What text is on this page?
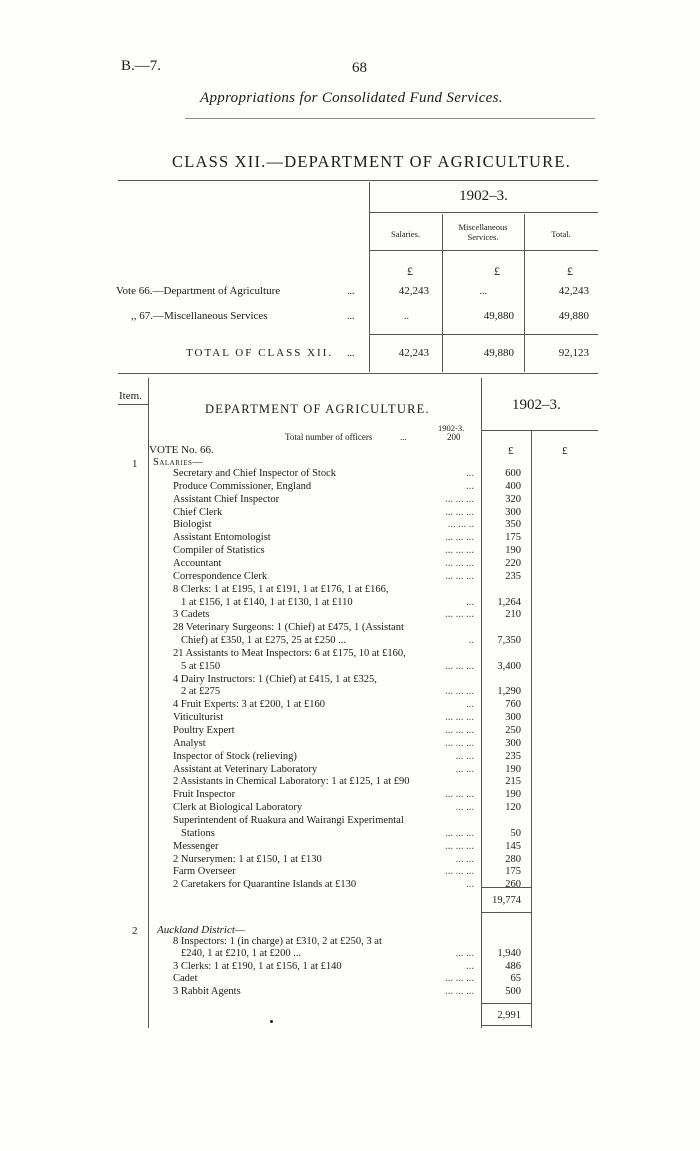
B.—7.	68
Appropriations for Consolidated Fund Services.
CLASS XII.—DEPARTMENT OF AGRICULTURE.
1902–3.
Salaries.
Miscellaneous Services.	Total.
£	£	£
Vote 66.—Department of Agriculture	...	42,243	...	42,243
,, 67.—Miscellaneous Services	...	..	49,880	49,880
TOTAL OF CLASS XII. ...	42,243	49,880	92,123
Item.
DEPARTMENT OF AGRICULTURE.	1902–3.
1902-3.
Total number of officers	...	200
VOTE No. 66.	£	£
1 Salaries—
Secretary and Chief Inspector of Stock	...	600
Produce Commissioner, England	...	400
Assistant Chief Inspector	... ... ...	320
Chief Clerk	... ... ...	300
Biologist	... ... ..	350
Assistant Entomologist	... ... ...	175
Compiler of Statistics	... ... ...	190
Accountant	... ... ...	220
Correspondence Clerk	... ... ...	235
8 Clerks: 1 at £195, 1 at £191, 1 at £176, 1 at £166,
1 at £156, 1 at £140, 1 at £130, 1 at £110	...	1,264
3 Cadets	... ... ...	210
28 Veterinary Surgeons: 1 (Chief) at £475, 1 (Assistant
Chief) at £350, 1 at £275, 25 at £250 ...	..	7,350
21 Assistants to Meat Inspectors: 6 at £175, 10 at £160,
5 at £150	... ... ...	3,400
4 Dairy Instructors: 1 (Chief) at £415, 1 at £325,
2 at £275	... ... ...	1,290
4 Fruit Experts: 3 at £200, 1 at £160	...	760
Viticulturist	... ... ...	300
Poultry Expert	... ... ...	250
Analyst	... ... ...	300
Inspector of Stock (relieving)	... ...	235
Assistant at Veterinary Laboratory	... ...	190
2 Assistants in Chemical Laboratory: 1 at £125, 1 at £90	215
Fruit Inspector	... ... ...	190
Clerk at Biological Laboratory	... ...	120
Superintendent of Ruakura and Wairangi Experimental
Stations	... ... ...	50
Messenger	... ... ...	145
2 Nurserymen: 1 at £150, 1 at £130	... ...	280
Farm Overseer	... ... ...	175
2 Caretakers for Quarantine Islands at £130	...	260
19,774
2 Auckland District—
8 Inspectors: 1 (in charge) at £310, 2 at £250, 3 at
£240, 1 at £210, 1 at £200 ...	... ...	1,940
3 Clerks: 1 at £190, 1 at £156, 1 at £140	...	486
Cadet	... ... ...	65
3 Rabbit Agents	... ... ...	500
2,991
